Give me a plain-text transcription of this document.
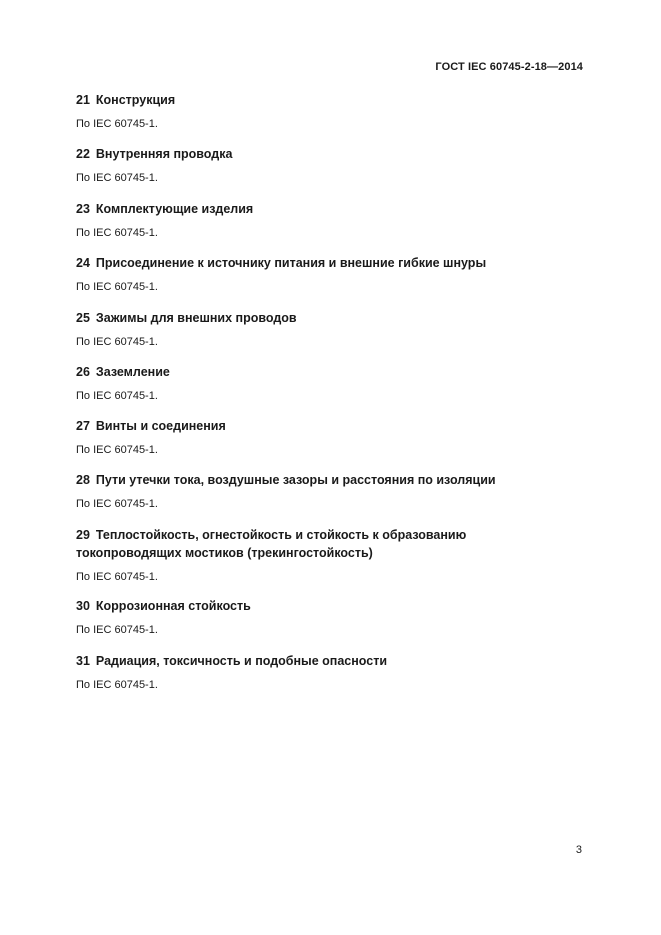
ГОСТ IEC 60745-2-18—2014

21 Конструкция

По IEC 60745-1.

22 Внутренняя проводка

По IEC 60745-1.

23 Комплектующие изделия

По IEC 60745-1.

24 Присоединение к источнику питания и внешние гибкие шнуры

По IEC 60745-1.

25 Зажимы для внешних проводов

По IEC 60745-1.

26 Заземление

По IEC 60745-1.

27 Винты и соединения

По IEC 60745-1.

28 Пути утечки тока, воздушные зазоры и расстояния по изоляции

По IEC 60745-1.

29 Теплостойкость, огнестойкость и стойкость к образованию токопроводящих мостиков (трекингостойкость)

По IEC 60745-1.

30 Коррозионная стойкость

По IEC 60745-1.

31 Радиация, токсичность и подобные опасности

По IEC 60745-1.
3
